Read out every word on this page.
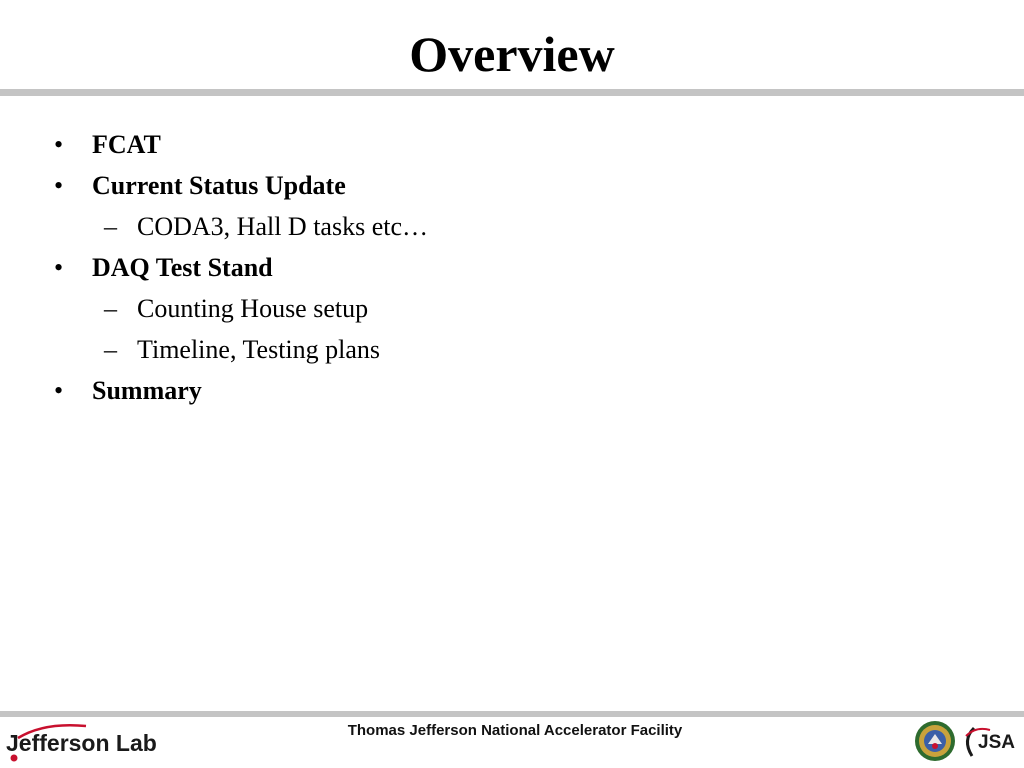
Overview
• FCAT
• Current Status Update
– CODA3, Hall D tasks etc…
• DAQ Test Stand
– Counting House setup
– Timeline, Testing plans
• Summary
Jefferson Lab	Thomas Jefferson National Accelerator Facility
JSA
